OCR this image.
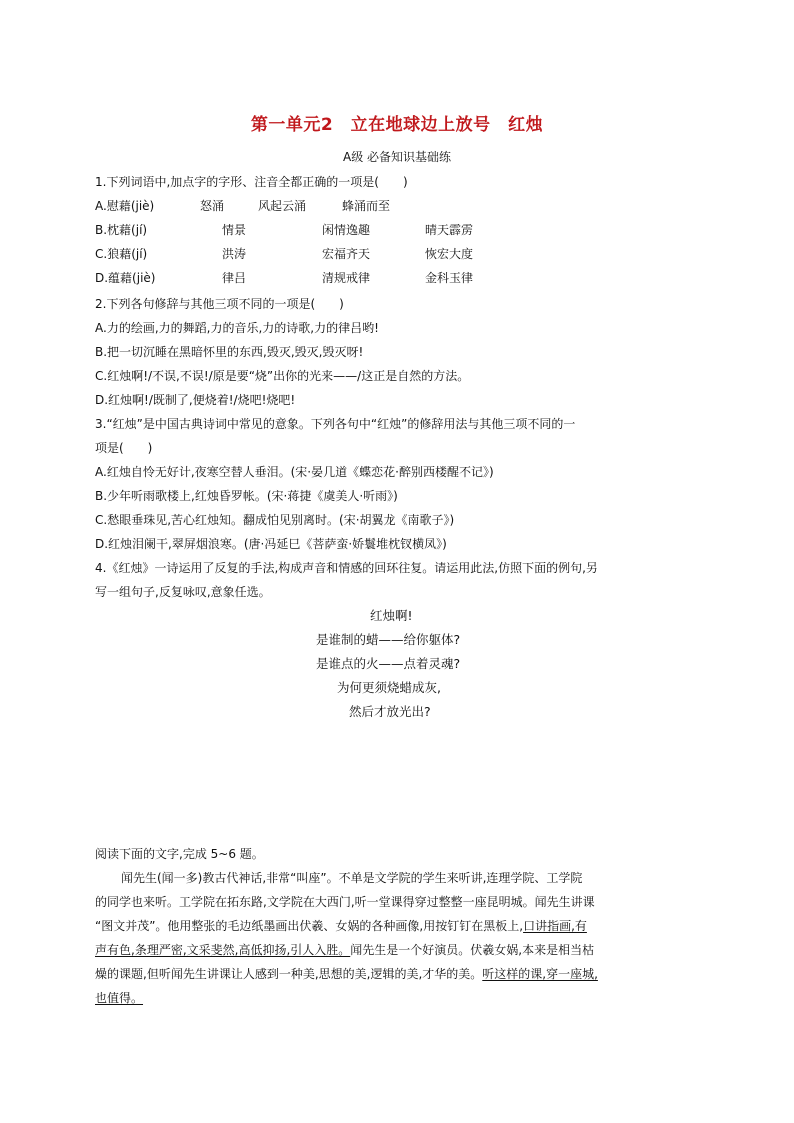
第一单元2　立在地球边上放号　红烛
A级 必备知识基础练
1.下列词语中,加点字的字形、注音全都正确的一项是(　　)
A.慰藉(jiè)	怒涌	风起云涌	蜂涌而至
B.枕藉(jí)	情景	闲情逸趣	晴天霹雳
C.狼藉(jí)	洪涛	宏福齐天	恢宏大度
D.蕴藉(jiè)	律吕	清规戒律	金科玉律
2.下列各句修辞与其他三项不同的一项是(　　)
A.力的绘画,力的舞蹈,力的音乐,力的诗歌,力的律吕哟!
B.把一切沉睡在黑暗怀里的东西,毁灭,毁灭,毁灭呀!
C.红烛啊!/不误,不误!/原是要“烧”出你的光来——/这正是自然的方法。
D.红烛啊!/既制了,便烧着!/烧吧!烧吧!
3.“红烛”是中国古典诗词中常见的意象。下列各句中“红烛”的修辞用法与其他三项不同的一
项是(　　)
A.红烛自怜无好计,夜寒空替人垂泪。(宋·晏几道《蝶恋花·醉别西楼醒不记》)
B.少年听雨歌楼上,红烛昏罗帐。(宋·蒋捷《虞美人·听雨》)
C.愁眼垂珠见,苦心红烛知。翻成怕见别离时。(宋·胡翼龙《南歌子》)
D.红烛泪阑干,翠屏烟浪寒。(唐·冯延巳《菩萨蛮·娇鬟堆枕钗横凤》)
4.《红烛》一诗运用了反复的手法,构成声音和情感的回环往复。请运用此法,仿照下面的例句,另
写一组句子,反复咏叹,意象任选。
红烛啊!
是谁制的蜡——给你躯体?
是谁点的火——点着灵魂?
为何更须烧蜡成灰,
然后才放光出?
阅读下面的文字,完成 5~6 题。
闻先生(闻一多)教古代神话,非常“叫座”。不单是文学院的学生来听讲,连理学院、工学院
的同学也来听。工学院在拓东路,文学院在大西门,听一堂课得穿过整整一座昆明城。闻先生讲课
“图文并茂”。他用整张的毛边纸墨画出伏羲、女娲的各种画像,用按钉钉在黑板上,口讲指画,有
声有色,条理严密,文采斐然,高低抑扬,引人入胜。闻先生是一个好演员。伏羲女娲,本来是相当枯
燥的课题,但听闻先生讲课让人感到一种美,思想的美,逻辑的美,才华的美。听这样的课,穿一座城,
也值得。
